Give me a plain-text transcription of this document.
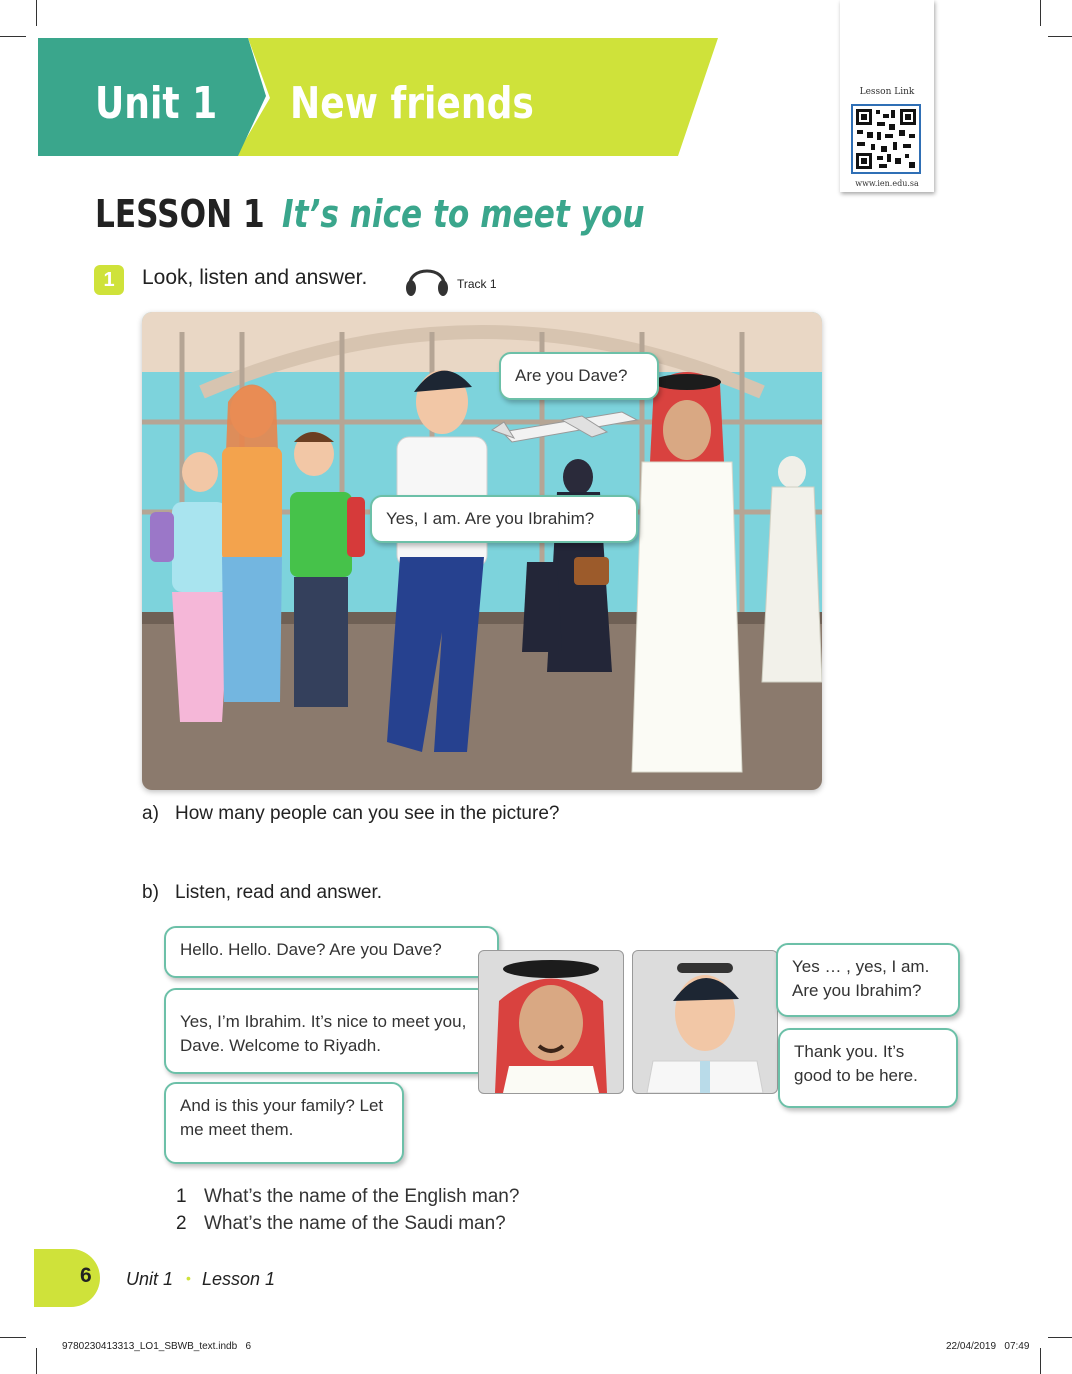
Unit 1 New friends	Lesson Link
www.ien.edu.sa
LESSON 1 It’s nice to meet you
1	Look, listen and answer.	Track 1
Are you Dave?
Yes, I am. Are you Ibrahim?
a) How many people can you see in the picture?
b) Listen, read and answer.
Hello. Hello. Dave? Are you Dave?
Yes, I’m Ibrahim. It’s nice to meet you, Dave. Welcome to Riyadh.
And is this your family? Let me meet them.
Yes … , yes, I am. Are you Ibrahim?
Thank you. It’s good to be here.
1 What’s the name of the English man?
2 What’s the name of the Saudi man?
6 Unit 1 • Lesson 1
9780230413313_LO1_SBWB_text.indb   6	22/04/2019   07:49
